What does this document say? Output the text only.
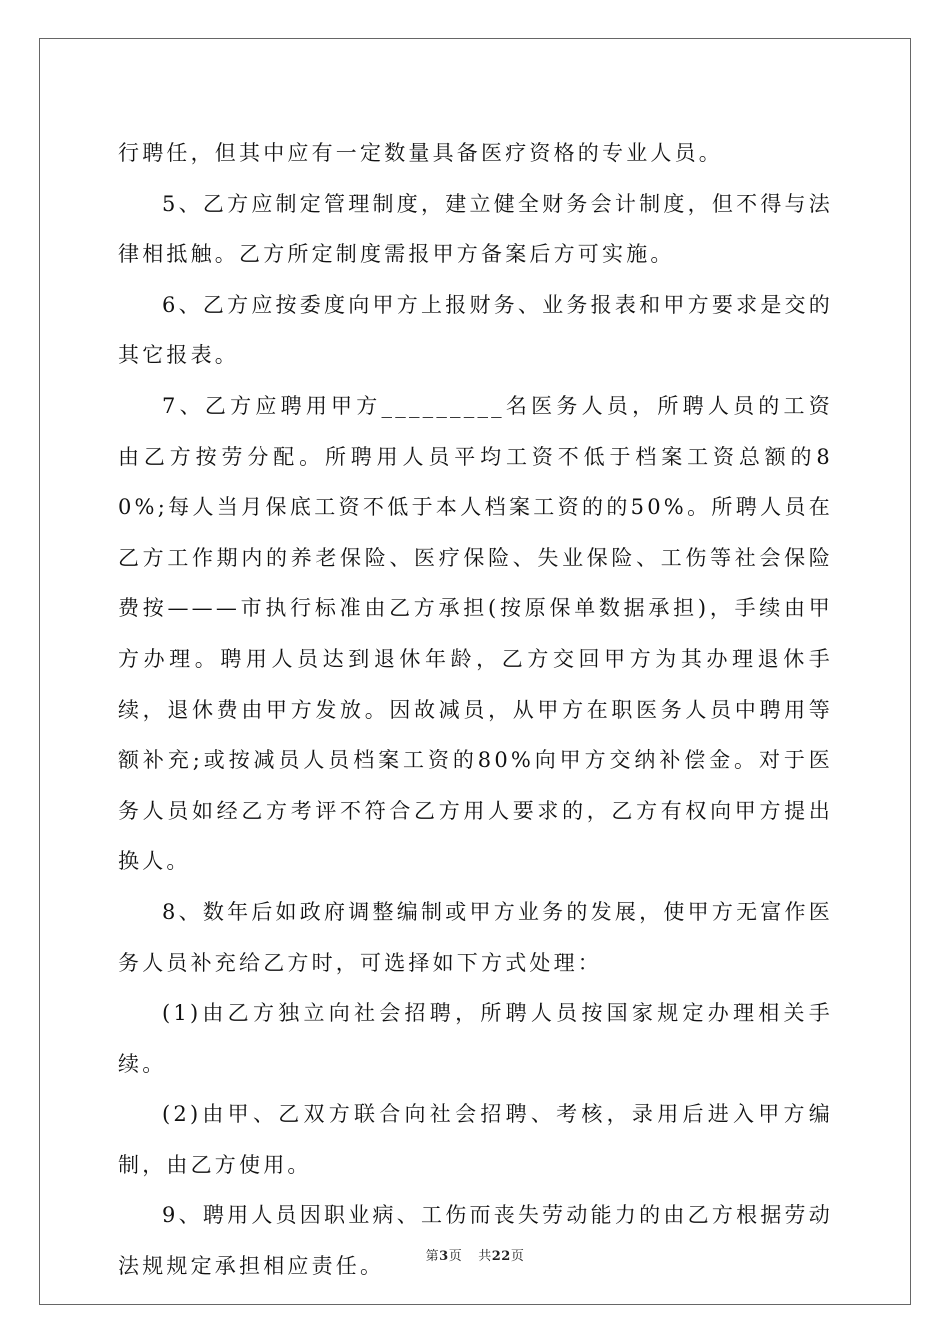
行聘任，但其中应有一定数量具备医疗资格的专业人员。

5、乙方应制定管理制度，建立健全财务会计制度，但不得与法律相抵触。乙方所定制度需报甲方备案后方可实施。

6、乙方应按委度向甲方上报财务、业务报表和甲方要求是交的其它报表。

7、乙方应聘用甲方_________名医务人员，所聘人员的工资由乙方按劳分配。所聘用人员平均工资不低于档案工资总额的80%;每人当月保底工资不低于本人档案工资的的50%。所聘人员在乙方工作期内的养老保险、医疗保险、失业保险、工伤等社会保险费按———市执行标准由乙方承担(按原保单数据承担)，手续由甲方办理。聘用人员达到退休年龄，乙方交回甲方为其办理退休手续，退休费由甲方发放。因故减员，从甲方在职医务人员中聘用等额补充;或按减员人员档案工资的80%向甲方交纳补偿金。对于医务人员如经乙方考评不符合乙方用人要求的，乙方有权向甲方提出换人。

8、数年后如政府调整编制或甲方业务的发展，使甲方无富作医务人员补充给乙方时，可选择如下方式处理：

(1)由乙方独立向社会招聘，所聘人员按国家规定办理相关手续。

(2)由甲、乙双方联合向社会招聘、考核，录用后进入甲方编制，由乙方使用。

9、聘用人员因职业病、工伤而丧失劳动能力的由乙方根据劳动法规规定承担相应责任。	第3页 共22页
